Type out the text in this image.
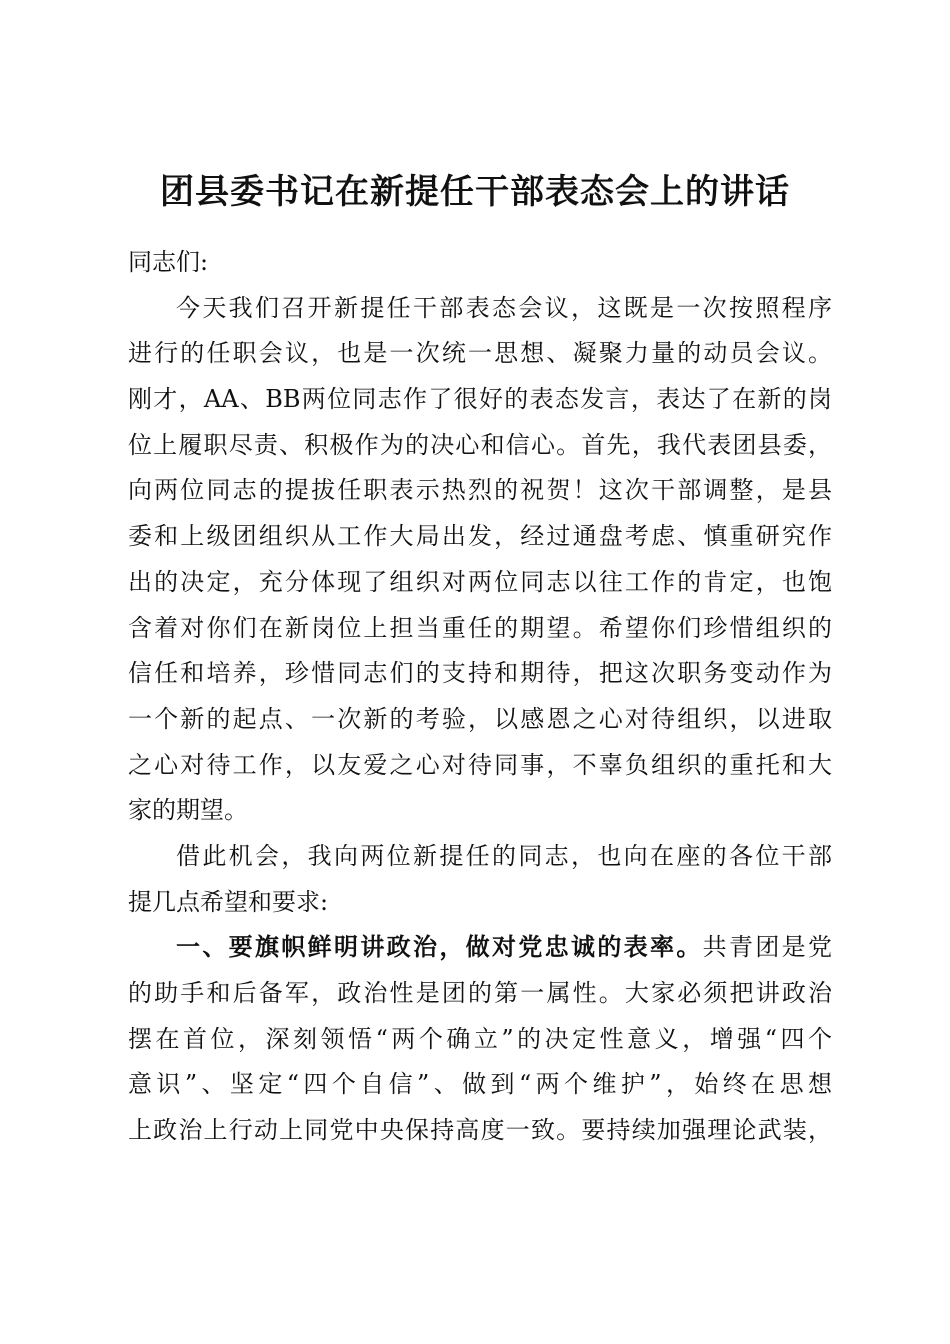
团县委书记在新提任干部表态会上的讲话
同志们:
今天我们召开新提任干部表态会议，这既是一次按照程序
进行的任职会议，也是一次统一思想、凝聚力量的动员会议。
刚才，AA、BB两位同志作了很好的表态发言，表达了在新的岗
位上履职尽责、积极作为的决心和信心。首先，我代表团县委，
向两位同志的提拔任职表示热烈的祝贺！这次干部调整，是县
委和上级团组织从工作大局出发，经过通盘考虑、慎重研究作
出的决定，充分体现了组织对两位同志以往工作的肯定，也饱
含着对你们在新岗位上担当重任的期望。希望你们珍惜组织的
信任和培养，珍惜同志们的支持和期待，把这次职务变动作为
一个新的起点、一次新的考验，以感恩之心对待组织，以进取
之心对待工作，以友爱之心对待同事，不辜负组织的重托和大
家的期望。
借此机会，我向两位新提任的同志，也向在座的各位干部
提几点希望和要求:
一、要旗帜鲜明讲政治，做对党忠诚的表率。共青团是党
的助手和后备军，政治性是团的第一属性。大家必须把讲政治
摆在首位，深刻领悟“两个确立”的决定性意义，增强“四个
意识”、坚定“四个自信”、做到“两个维护”，始终在思想
上政治上行动上同党中央保持高度一致。要持续加强理论武装，
